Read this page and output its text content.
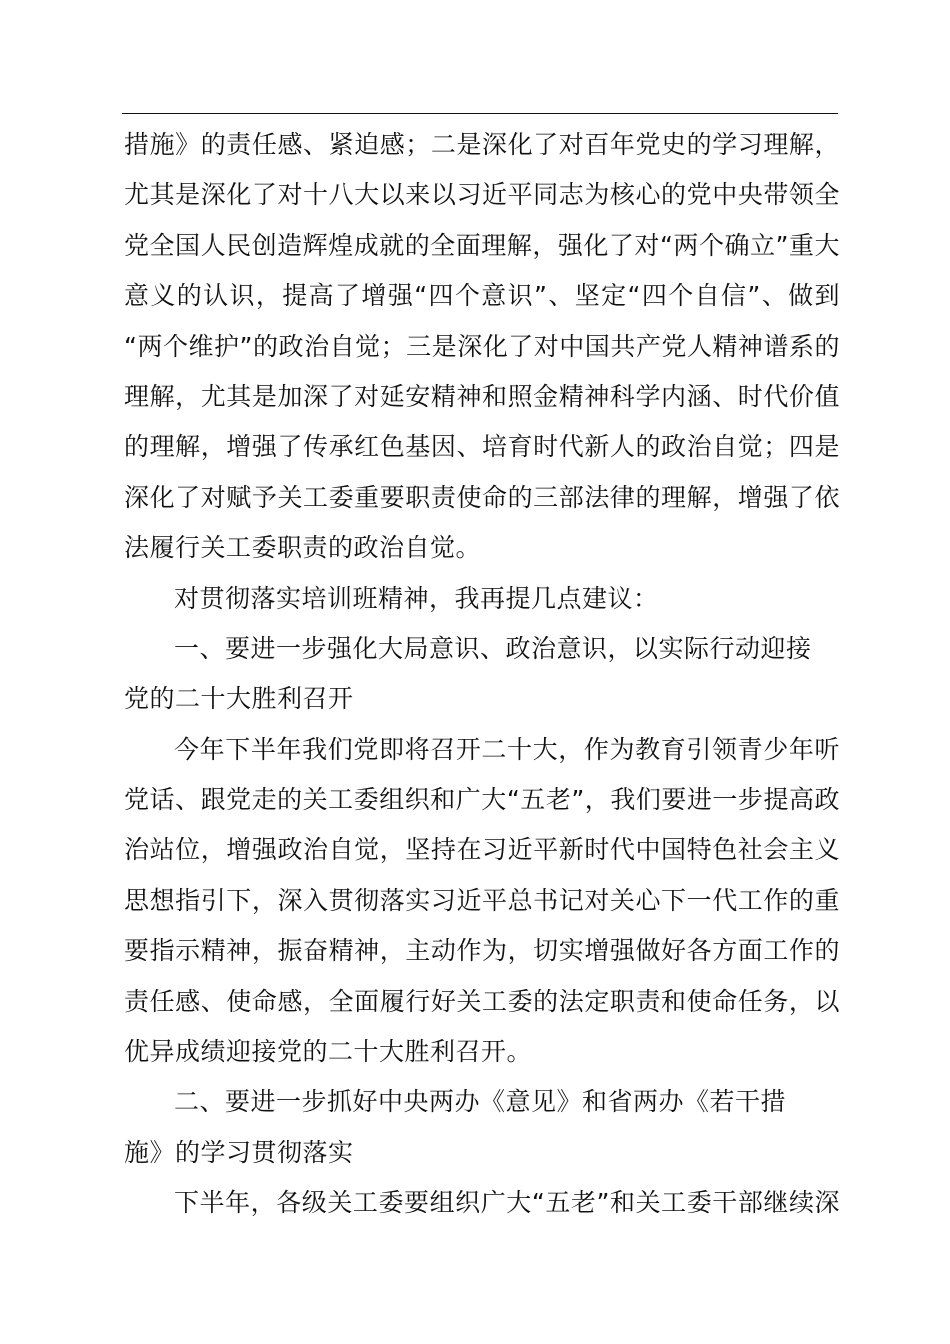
措施》的责任感、紧迫感；二是深化了对百年党史的学习理解，
尤其是深化了对十八大以来以习近平同志为核心的党中央带领全
党全国人民创造辉煌成就的全面理解，强化了对“两个确立”重大
意义的认识，提高了增强“四个意识”、坚定“四个自信”、做到
“两个维护”的政治自觉；三是深化了对中国共产党人精神谱系的
理解，尤其是加深了对延安精神和照金精神科学内涵、时代价值
的理解，增强了传承红色基因、培育时代新人的政治自觉；四是
深化了对赋予关工委重要职责使命的三部法律的理解，增强了依
法履行关工委职责的政治自觉。
对贯彻落实培训班精神，我再提几点建议：
一、要进一步强化大局意识、政治意识，以实际行动迎接
党的二十大胜利召开
今年下半年我们党即将召开二十大，作为教育引领青少年听
党话、跟党走的关工委组织和广大“五老”，我们要进一步提高政
治站位，增强政治自觉，坚持在习近平新时代中国特色社会主义
思想指引下，深入贯彻落实习近平总书记对关心下一代工作的重
要指示精神，振奋精神，主动作为，切实增强做好各方面工作的
责任感、使命感，全面履行好关工委的法定职责和使命任务，以
优异成绩迎接党的二十大胜利召开。
二、要进一步抓好中央两办《意见》和省两办《若干措
施》的学习贯彻落实
下半年，各级关工委要组织广大“五老”和关工委干部继续深
